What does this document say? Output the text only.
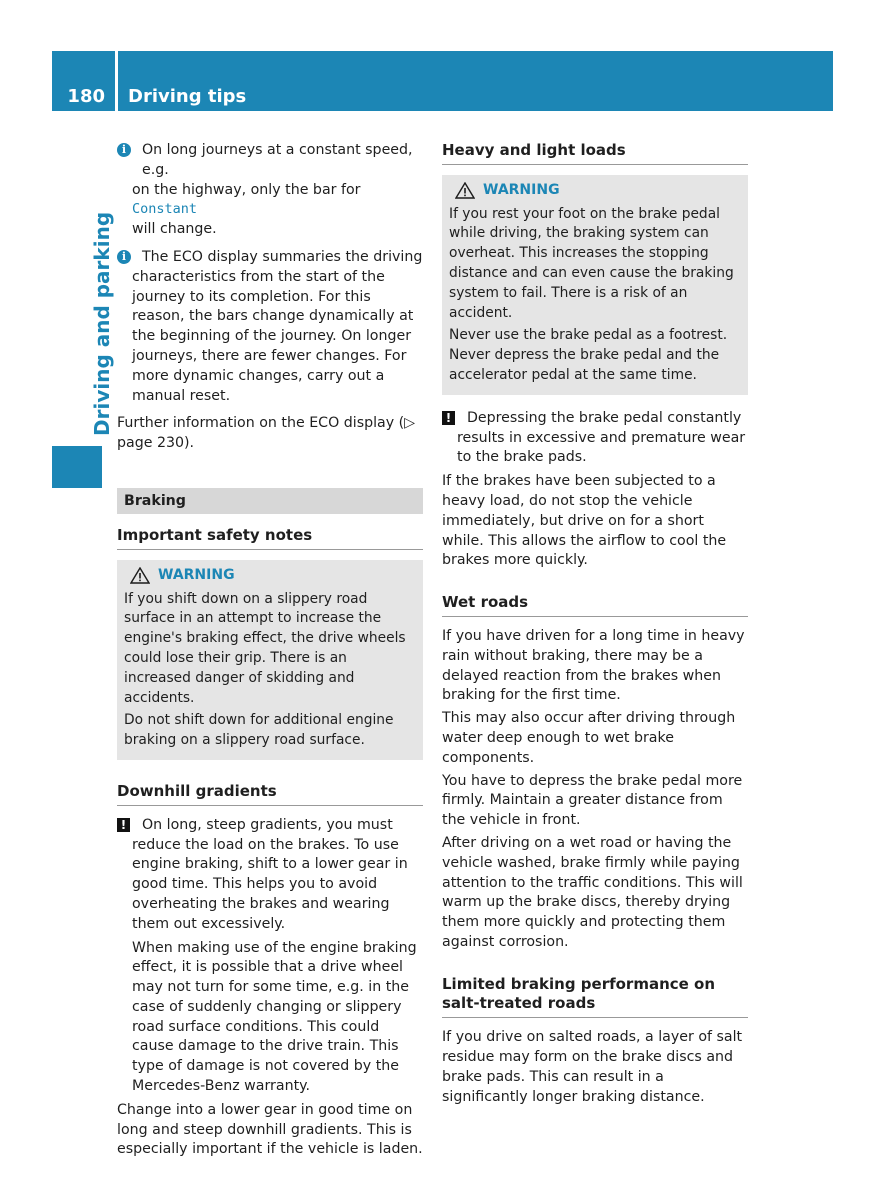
180 Driving tips
Driving and parking
i	On long journeys at a constant speed, e.g.
on the highway, only the bar for Constant
will change.
i	The ECO display summaries the driving characteristics from the start of the journey to its completion. For this reason, the bars change dynamically at the beginning of the journey. On longer journeys, there are fewer changes. For more dynamic changes, carry out a manual reset.

Further information on the ECO display (▷ page 230).

Braking
Important safety notes
WARNING

If you shift down on a slippery road surface in an attempt to increase the engine's braking effect, the drive wheels could lose their grip. There is an increased danger of skidding and accidents.

Do not shift down for additional engine braking on a slippery road surface.

Downhill gradients
!	On long, steep gradients, you must reduce the load on the brakes. To use engine braking, shift to a lower gear in good time. This helps you to avoid overheating the brakes and wearing them out excessively.

When making use of the engine braking effect, it is possible that a drive wheel may not turn for some time, e.g. in the case of suddenly changing or slippery road surface conditions. This could cause damage to the drive train. This type of damage is not covered by the Mercedes-Benz warranty.

Change into a lower gear in good time on long and steep downhill gradients. This is especially important if the vehicle is laden.

Heavy and light loads
WARNING

If you rest your foot on the brake pedal while driving, the braking system can overheat. This increases the stopping distance and can even cause the braking system to fail. There is a risk of an accident.

Never use the brake pedal as a footrest. Never depress the brake pedal and the accelerator pedal at the same time.

!	Depressing the brake pedal constantly results in excessive and premature wear to the brake pads.

If the brakes have been subjected to a heavy load, do not stop the vehicle immediately, but drive on for a short while. This allows the airflow to cool the brakes more quickly.

Wet roads

If you have driven for a long time in heavy rain without braking, there may be a delayed reaction from the brakes when braking for the first time.

This may also occur after driving through water deep enough to wet brake components.

You have to depress the brake pedal more firmly. Maintain a greater distance from the vehicle in front.

After driving on a wet road or having the vehicle washed, brake firmly while paying attention to the traffic conditions. This will warm up the brake discs, thereby drying them more quickly and protecting them against corrosion.

Limited braking performance on salt-treated roads

If you drive on salted roads, a layer of salt residue may form on the brake discs and brake pads. This can result in a significantly longer braking distance.
